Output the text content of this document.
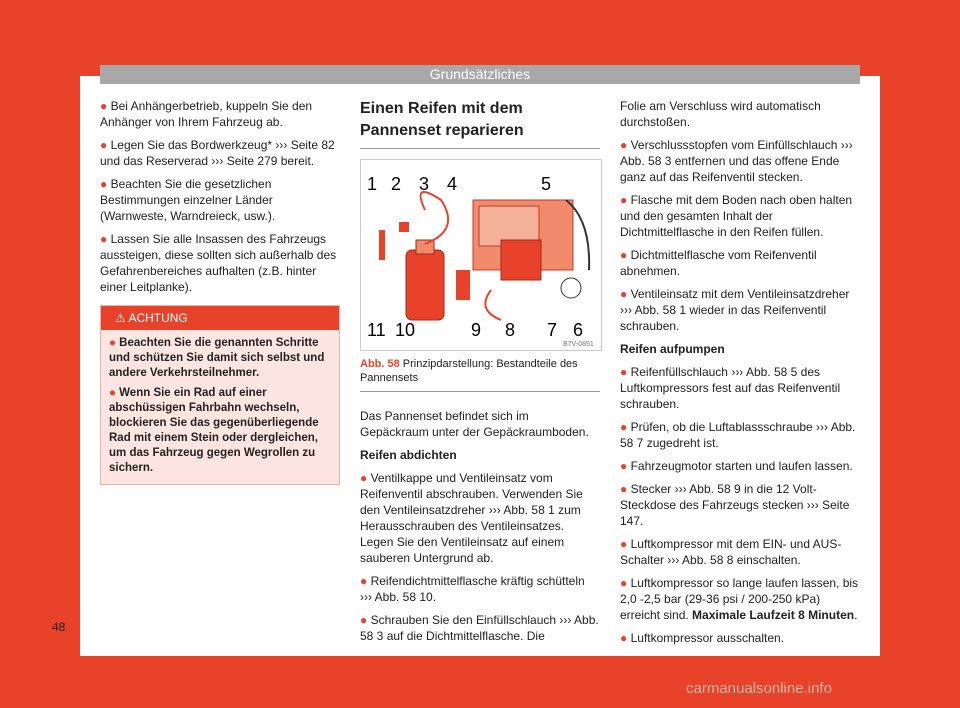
Grundsätzliches

● Bei Anhängerbetrieb, kuppeln Sie den Anhänger von Ihrem Fahrzeug ab.

● Legen Sie das Bordwerkzeug* ››› Seite 82 und das Reserverad ››› Seite 279 bereit.

● Beachten Sie die gesetzlichen Bestimmungen einzelner Länder (Warnweste, Warndreieck, usw.).

● Lassen Sie alle Insassen des Fahrzeugs aussteigen, diese sollten sich außerhalb des Gefahrenbereiches aufhalten (z.B. hinter einer Leitplanke).

⚠ ACHTUNG

● Beachten Sie die genannten Schritte und schützen Sie damit sich selbst und andere Verkehrsteilnehmer.

● Wenn Sie ein Rad auf einer abschüssigen Fahrbahn wechseln, blockieren Sie das gegenüberliegende Rad mit einem Stein oder dergleichen, um das Fahrzeug gegen Wegrollen zu sichern.

Einen Reifen mit dem Pannenset reparieren
1 2 3 4	5
11 10	9 8 7 6
B7V-0891
Abb. 58 Prinzipdarstellung: Bestandteile des Pannensets

Das Pannenset befindet sich im Gepäckraum unter der Gepäckraumboden.

Reifen abdichten

● Ventilkappe und Ventileinsatz vom Reifenventil abschrauben. Verwenden Sie den Ventileinsatzdreher ››› Abb. 58 1 zum Herausschrauben des Ventileinsatzes. Legen Sie den Ventileinsatz auf einem sauberen Untergrund ab.

● Reifendichtmittelflasche kräftig schütteln ››› Abb. 58 10.

● Schrauben Sie den Einfüllschlauch ››› Abb. 58 3 auf die Dichtmittelflasche. Die

Folie am Verschluss wird automatisch durchstoßen.

● Verschlussstopfen vom Einfüllschlauch ››› Abb. 58 3 entfernen und das offene Ende ganz auf das Reifenventil stecken.

● Flasche mit dem Boden nach oben halten und den gesamten Inhalt der Dichtmittelflasche in den Reifen füllen.

● Dichtmittelflasche vom Reifenventil abnehmen.

● Ventileinsatz mit dem Ventileinsatzdreher ››› Abb. 58 1 wieder in das Reifenventil schrauben.

Reifen aufpumpen

● Reifenfüllschlauch ››› Abb. 58 5 des Luftkompressors fest auf das Reifenventil schrauben.

● Prüfen, ob die Luftablassschraube ››› Abb. 58 7 zugedreht ist.

● Fahrzeugmotor starten und laufen lassen.

● Stecker ››› Abb. 58 9 in die 12 Volt-Steckdose des Fahrzeugs stecken ››› Seite 147.

● Luftkompressor mit dem EIN- und AUS-Schalter ››› Abb. 58 8 einschalten.

● Luftkompressor so lange laufen lassen, bis 2,0 -2,5 bar (29-36 psi / 200-250 kPa) erreicht sind. Maximale Laufzeit 8 Minuten.

● Luftkompressor ausschalten.

48
carmanualsonline.info
